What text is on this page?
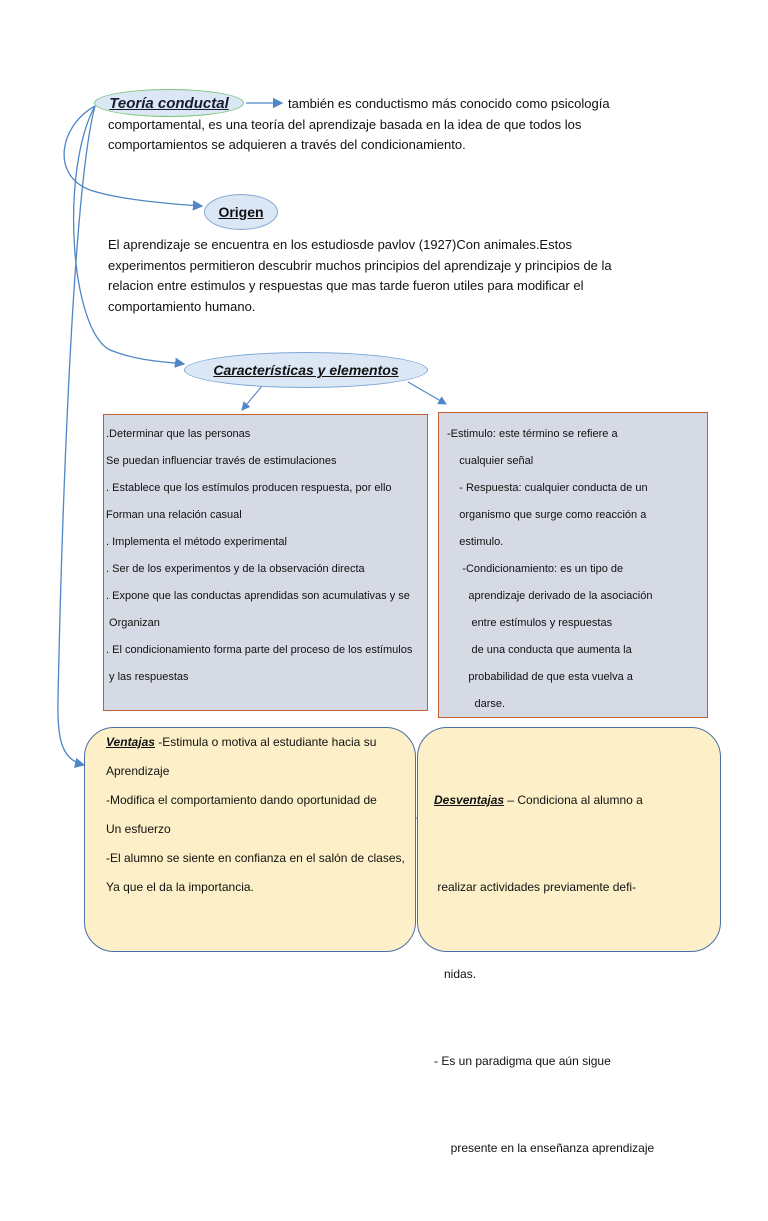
Teoría conductal	también es conductismo más conocido como psicología
comportamental, es una teoría del aprendizaje basada en la idea de que todos los
comportamientos se adquieren a través del condicionamiento.
Origen
El aprendizaje se encuentra en los estudiosde pavlov (1927)Con animales.Estos
experimentos permitieron descubrir muchos principios del aprendizaje y principios de la
relacion entre estimulos y respuestas que mas tarde fueron utiles para modificar el
comportamiento humano.
Características y elementos
.Determinar que las personas
Se puedan influenciar través de estimulaciones
. Establece que los estímulos producen respuesta, por ello
Forman una relación casual
. Implementa el método experimental
. Ser de los experimentos y de la observación directa
. Expone que las conductas aprendidas son acumulativas y se
Organizan
. El condicionamiento forma parte del proceso de los estímulos
y las respuestas
-Estimulo: este término se refiere a
cualquier señal
- Respuesta: cualquier conducta de un
organismo que surge como reacción a
estimulo.
-Condicionamiento: es un tipo de
aprendizaje derivado de la asociación
entre estímulos y respuestas
de una conducta que aumenta la
probabilidad de que esta vuelva a
darse.
Ventajas -Estimula o motiva al estudiante hacia su
Aprendizaje
-Modifica el comportamiento dando oportunidad de
Un esfuerzo
-El alumno se siente en confianza en el salón de clases,
Ya que el da la importancia.

Desventajas – Condiciona al alumno a

realizar actividades previamente defi-

nidas.

- Es un paradigma que aún sigue

presente en la enseñanza aprendizaje
